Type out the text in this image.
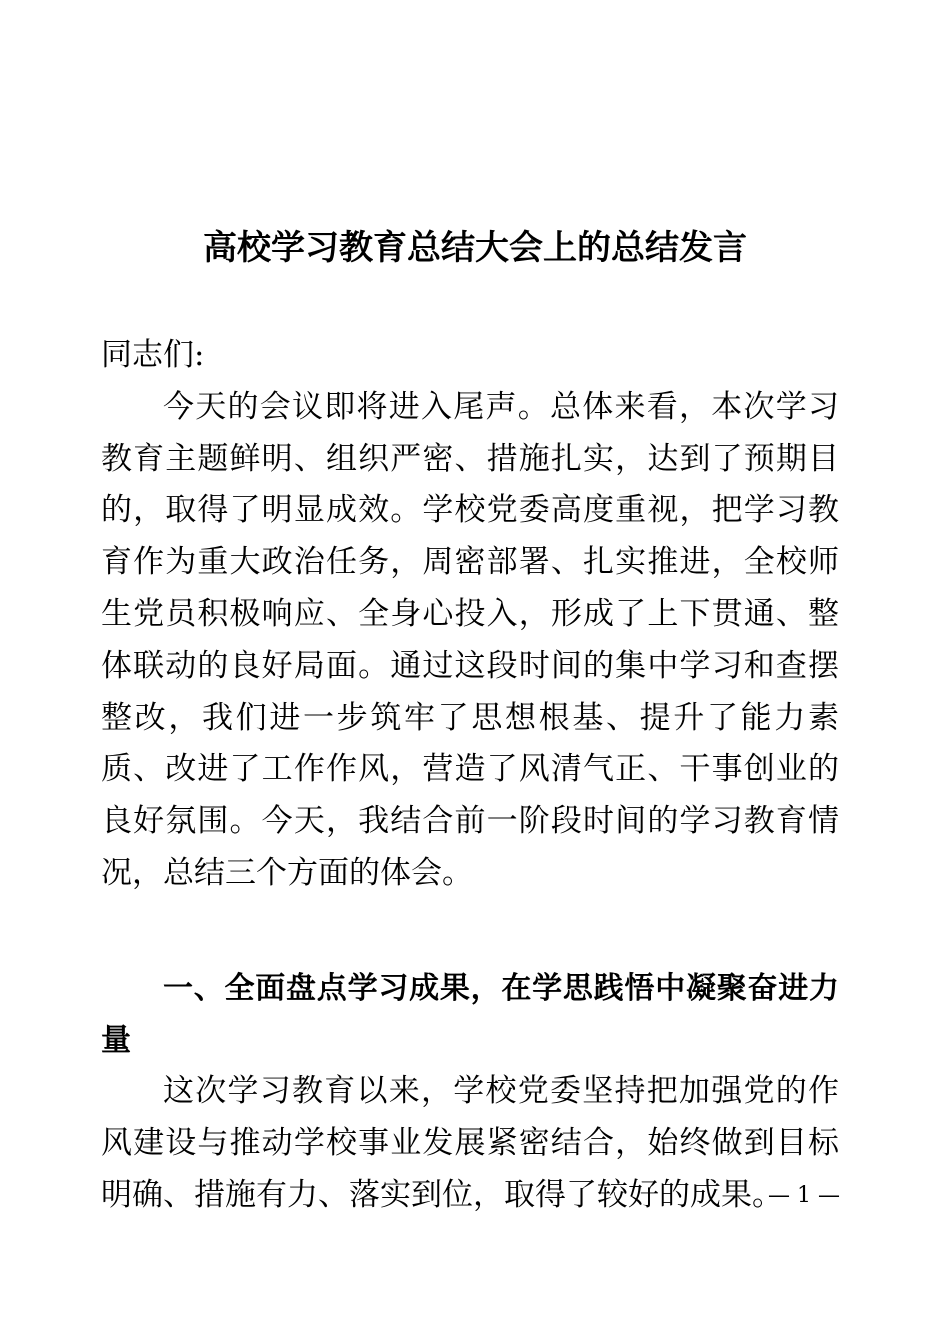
高校学习教育总结大会上的总结发言

同志们:

今天的会议即将进入尾声。总体来看，本次学习教育主题鲜明、组织严密、措施扎实，达到了预期目的，取得了明显成效。学校党委高度重视，把学习教育作为重大政治任务，周密部署、扎实推进，全校师生党员积极响应、全身心投入，形成了上下贯通、整体联动的良好局面。通过这段时间的集中学习和查摆整改，我们进一步筑牢了思想根基、提升了能力素质、改进了工作作风，营造了风清气正、干事创业的良好氛围。今天，我结合前一阶段时间的学习教育情况，总结三个方面的体会。

一、全面盘点学习成果，在学思践悟中凝聚奋进力量

这次学习教育以来，学校党委坚持把加强党的作风建设与推动学校事业发展紧密结合，始终做到目标明确、措施有力、落实到位，取得了较好的成果。

— 1 —
